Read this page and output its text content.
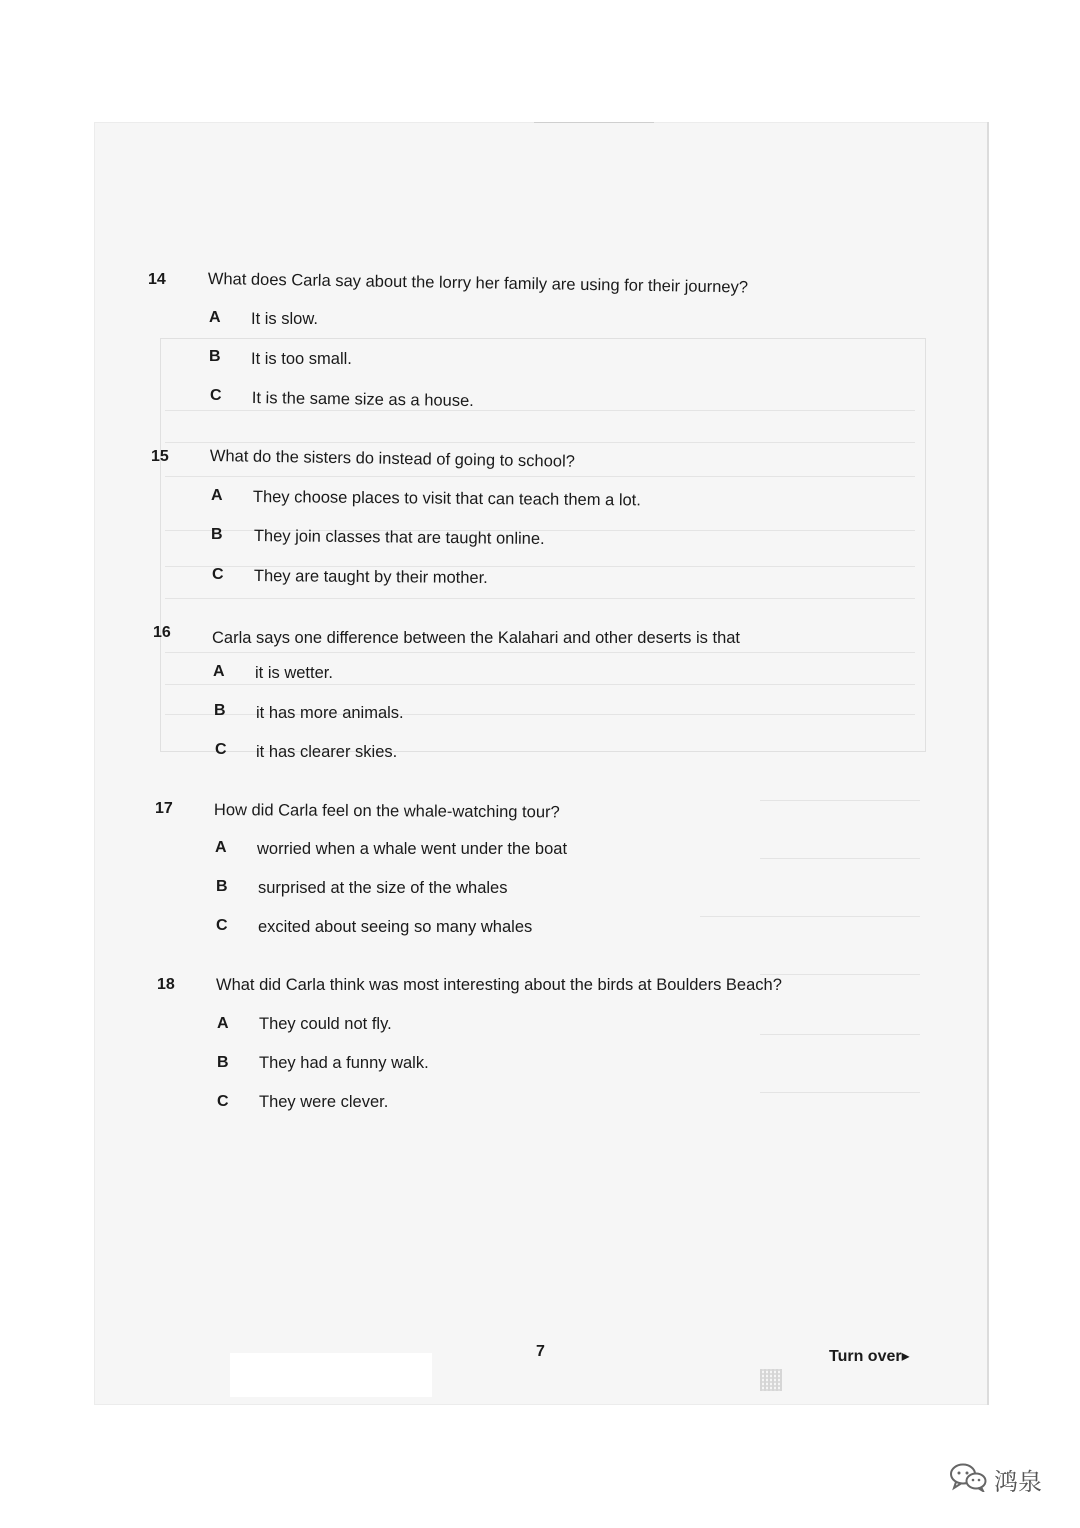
14	What does Carla say about the lorry her family are using for their journey?
A It is slow.
B It is too small.
C It is the same size as a house.
15 What do the sisters do instead of going to school?
A They choose places to visit that can teach them a lot.
B They join classes that are taught online.
C They are taught by their mother.
16 Carla says one difference between the Kalahari and other deserts is that
A it is wetter.
B it has more animals.
C it has clearer skies.
17 How did Carla feel on the whale-watching tour?
A worried when a whale went under the boat
B surprised at the size of the whales
C excited about seeing so many whales
18 What did Carla think was most interesting about the birds at Boulders Beach?
A They could not fly.
B They had a funny walk.
C They were clever.
7	Turn over▸
鸿泉
